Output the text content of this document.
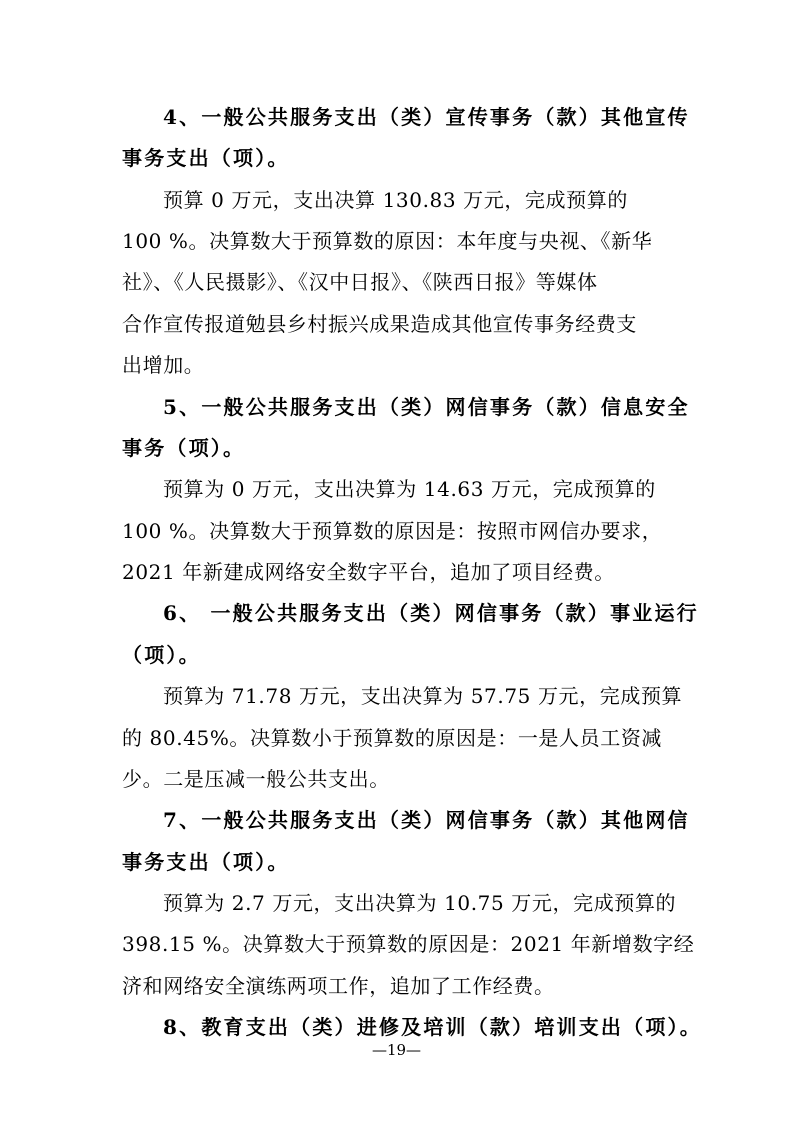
4、一般公共服务支出（类）宣传事务（款）其他宣传
事务支出（项）。
预算 0 万元，支出决算 130.83 万元，完成预算的
100 %。决算数大于预算数的原因：本年度与央视、《新华
社》、《人民摄影》、《汉中日报》、《陕西日报》等媒体
合作宣传报道勉县乡村振兴成果造成其他宣传事务经费支
出增加。
5、一般公共服务支出（类）网信事务（款）信息安全
事务（项）。
预算为 0 万元，支出决算为 14.63 万元，完成预算的
100 %。决算数大于预算数的原因是：按照市网信办要求，
2021 年新建成网络安全数字平台，追加了项目经费。
6、 一般公共服务支出（类）网信事务（款）事业运行
（项）。
预算为 71.78 万元，支出决算为 57.75 万元，完成预算
的 80.45%。决算数小于预算数的原因是：一是人员工资减
少。二是压减一般公共支出。
7、一般公共服务支出（类）网信事务（款）其他网信
事务支出（项）。
预算为 2.7 万元，支出决算为 10.75 万元，完成预算的
398.15 %。决算数大于预算数的原因是：2021 年新增数字经
济和网络安全演练两项工作，追加了工作经费。
8、教育支出（类）进修及培训（款）培训支出（项）。
—19—
